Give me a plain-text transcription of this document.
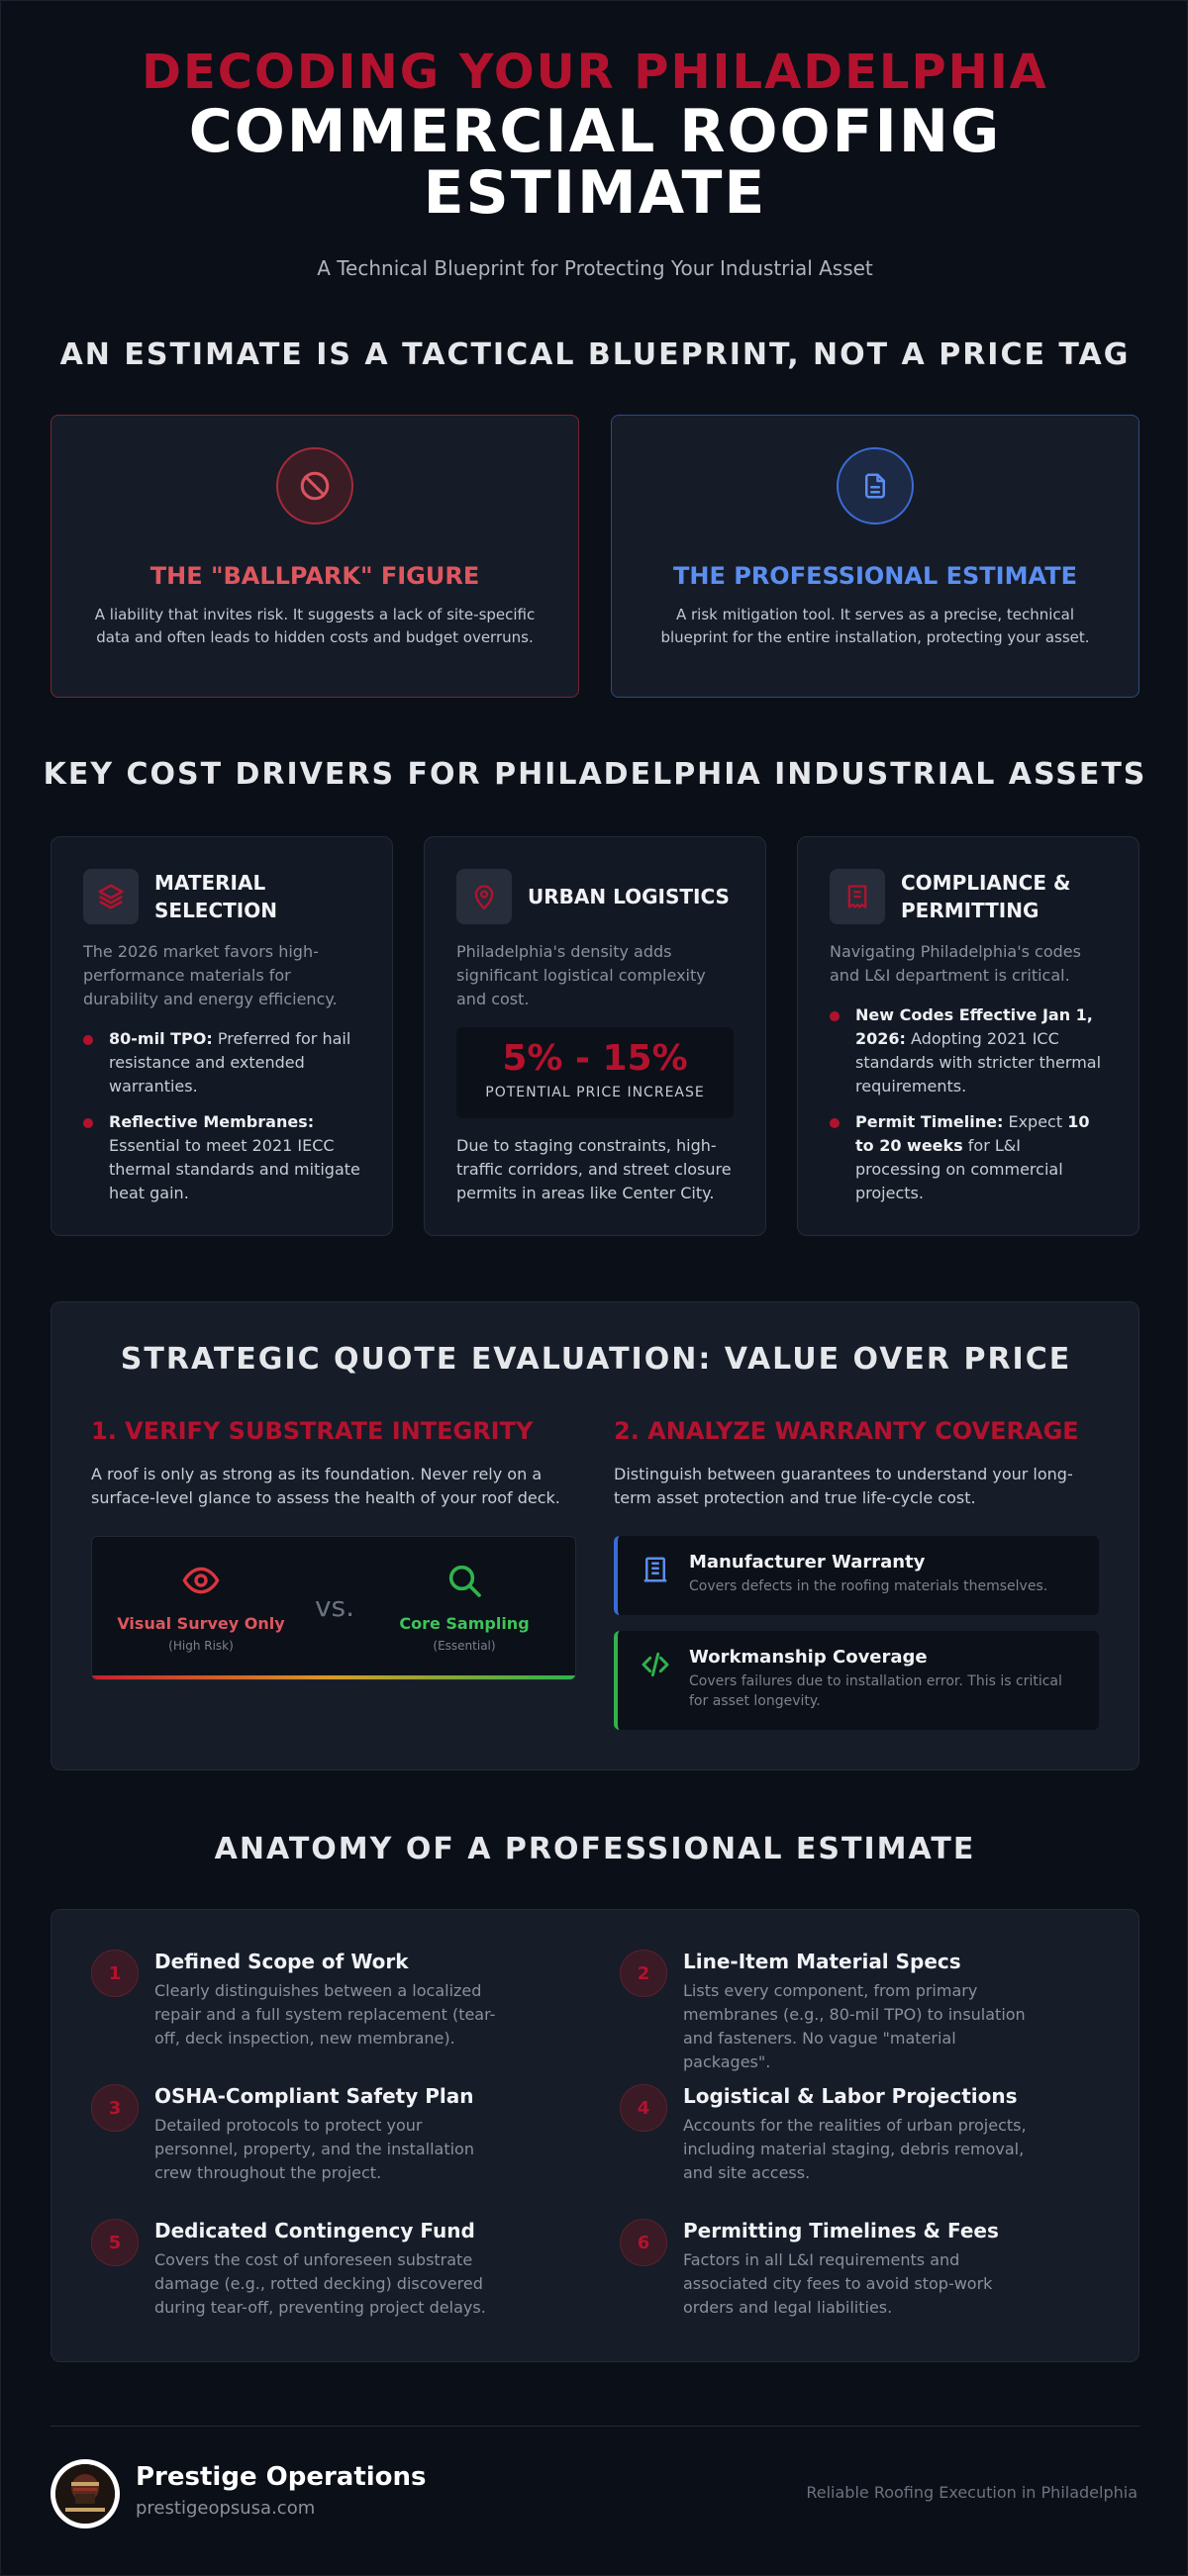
DECODING YOUR PHILADELPHIA
COMMERCIAL ROOFING
ESTIMATE
A Technical Blueprint for Protecting Your Industrial Asset
AN ESTIMATE IS A TACTICAL BLUEPRINT, NOT A PRICE TAG
THE "BALLPARK" FIGURE

A liability that invites risk. It suggests a lack of site-specific data and often leads to hidden costs and budget overruns.

THE PROFESSIONAL ESTIMATE

A risk mitigation tool. It serves as a precise, technical blueprint for the entire installation, protecting your asset.

KEY COST DRIVERS FOR PHILADELPHIA INDUSTRIAL ASSETS
MATERIAL SELECTION
The 2026 market favors high-performance materials for durability and energy efficiency.
80-mil TPO: Preferred for hail resistance and extended warranties.
Reflective Membranes: Essential to meet 2021 IECC thermal standards and mitigate heat gain.
URBAN LOGISTICS
Philadelphia's density adds significant logistical complexity and cost.
5% - 15%
POTENTIAL PRICE INCREASE
Due to staging constraints, high-traffic corridors, and street closure permits in areas like Center City.
COMPLIANCE & PERMITTING
Navigating Philadelphia's codes and L&I department is critical.
New Codes Effective Jan 1, 2026: Adopting 2021 ICC standards with stricter thermal requirements.
Permit Timeline: Expect 10 to 20 weeks for L&I processing on commercial projects.
STRATEGIC QUOTE EVALUATION: VALUE OVER PRICE
1. VERIFY SUBSTRATE INTEGRITY

A roof is only as strong as its foundation. Never rely on a surface-level glance to assess the health of your roof deck.

Visual Survey Only
(High Risk)
vs.
Core Sampling
(Essential)
2. ANALYZE WARRANTY COVERAGE

Distinguish between guarantees to understand your long-term asset protection and true life-cycle cost.

Manufacturer Warranty
Covers defects in the roofing materials themselves.
Workmanship Coverage
Covers failures due to installation error. This is critical for asset longevity.
ANATOMY OF A PROFESSIONAL ESTIMATE
1	Defined Scope of Work
Clearly distinguishes between a localized repair and a full system replacement (tear-off, deck inspection, new membrane).
2	Line-Item Material Specs
Lists every component, from primary membranes (e.g., 80-mil TPO) to insulation and fasteners. No vague "material packages".
3	OSHA-Compliant Safety Plan
Detailed protocols to protect your personnel, property, and the installation crew throughout the project.
4	Logistical & Labor Projections
Accounts for the realities of urban projects, including material staging, debris removal, and site access.
5	Dedicated Contingency Fund
Covers the cost of unforeseen substrate damage (e.g., rotted decking) discovered during tear-off, preventing project delays.
6	Permitting Timelines & Fees
Factors in all L&I requirements and associated city fees to avoid stop-work orders and legal liabilities.
Prestige Operations
prestigeopsusa.com
Reliable Roofing Execution in Philadelphia
